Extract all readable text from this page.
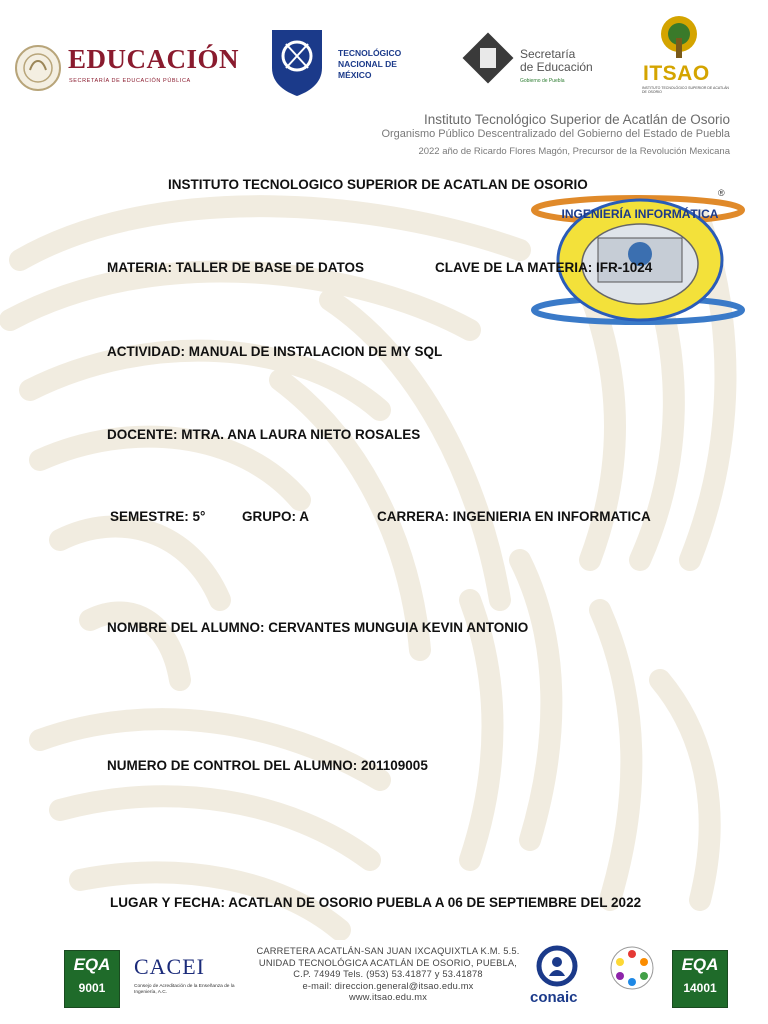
EDUCACIÓN
SECRETARÍA DE EDUCACIÓN PÚBLICA
TECNOLÓGICO
NACIONAL DE MÉXICO
Secretaría
de Educación
Gobierno de Puebla	ITSAO
INSTITUTO TECNOLÓGICO SUPERIOR DE ACATLÁN DE OSORIO
Instituto Tecnológico Superior de Acatlán de Osorio
Organismo Público Descentralizado del Gobierno del Estado de Puebla
2022 año de Ricardo Flores Magón, Precursor de la Revolución Mexicana
INGENIERÍA INFORMÁTICA
®
INSTITUTO TECNOLOGICO SUPERIOR DE ACATLAN DE OSORIO
MATERIA: TALLER DE BASE DE DATOS	CLAVE DE LA MATERIA: IFR-1024
ACTIVIDAD: MANUAL DE INSTALACION DE MY SQL
DOCENTE: MTRA. ANA LAURA NIETO ROSALES
SEMESTRE: 5°	GRUPO: A	CARRERA: INGENIERIA EN INFORMATICA
NOMBRE DEL ALUMNO: CERVANTES MUNGUIA KEVIN ANTONIO
NUMERO DE CONTROL DEL ALUMNO: 201109005
LUGAR Y FECHA: ACATLAN DE OSORIO PUEBLA A 06 DE SEPTIEMBRE DEL 2022
EQA
9001
CACEI
Consejo de Acreditación de la Enseñanza de la Ingeniería, A.C.
CARRETERA ACATLÁN-SAN JUAN IXCAQUIXTLA K.M. 5.5.
UNIDAD TECNOLÓGICA ACATLÁN DE OSORIO, PUEBLA,
C.P. 74949 Tels. (953) 53.41877 y 53.41878
e-mail: direccion.general@itsao.edu.mx
www.itsao.edu.mx	conaic
EQA
14001
